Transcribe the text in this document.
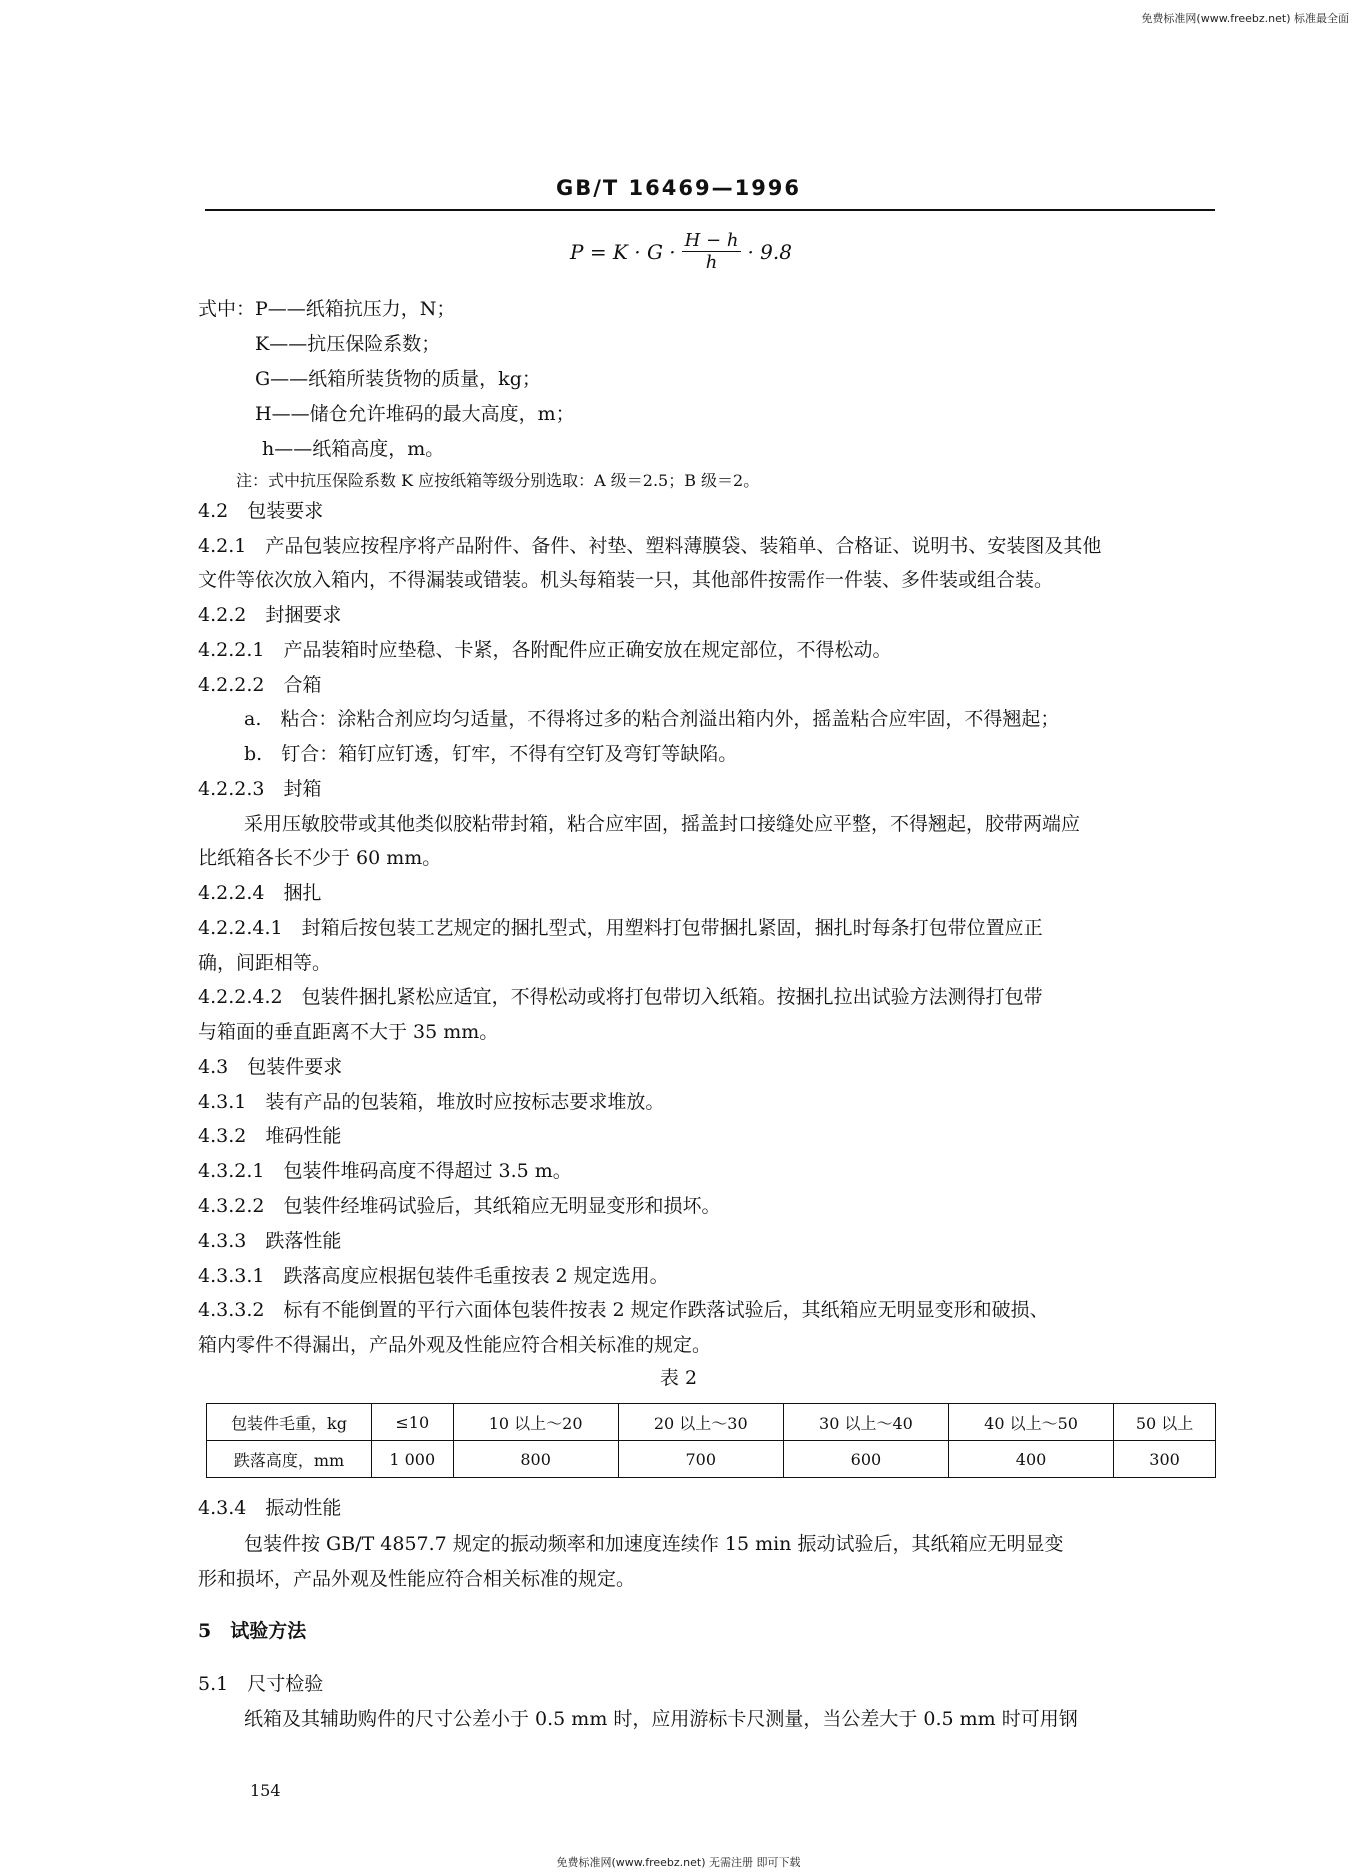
免费标准网(www.freebz.net) 标准最全面
GB/T 16469—1996
$P = K \cdot G \cdot \frac{H - h}{h} \cdot 9.8$
式中： P——纸箱抗压力，N；
K——抗压保险系数；
G——纸箱所装货物的质量，kg；
H——储仓允许堆码的最大高度，m；
h——纸箱高度，m。
注：式中抗压保险系数 K 应按纸箱等级分别选取：A 级＝2.5；B 级＝2。
4.2　包装要求
4.2.1　产品包装应按程序将产品附件、备件、衬垫、塑料薄膜袋、装箱单、合格证、说明书、安装图及其他
文件等依次放入箱内，不得漏装或错装。机头每箱装一只，其他部件按需作一件装、多件装或组合装。
4.2.2　封捆要求
4.2.2.1　产品装箱时应垫稳、卡紧，各附配件应正确安放在规定部位，不得松动。
4.2.2.2　合箱
a.　粘合：涂粘合剂应均匀适量，不得将过多的粘合剂溢出箱内外，摇盖粘合应牢固，不得翘起；
b.　钉合：箱钉应钉透，钉牢，不得有空钉及弯钉等缺陷。
4.2.2.3　封箱
采用压敏胶带或其他类似胶粘带封箱，粘合应牢固，摇盖封口接缝处应平整，不得翘起，胶带两端应
比纸箱各长不少于 60 mm。
4.2.2.4　捆扎
4.2.2.4.1　封箱后按包装工艺规定的捆扎型式，用塑料打包带捆扎紧固，捆扎时每条打包带位置应正
确，间距相等。
4.2.2.4.2　包装件捆扎紧松应适宜，不得松动或将打包带切入纸箱。按捆扎拉出试验方法测得打包带
与箱面的垂直距离不大于 35 mm。
4.3　包装件要求
4.3.1　装有产品的包装箱，堆放时应按标志要求堆放。
4.3.2　堆码性能
4.3.2.1　包装件堆码高度不得超过 3.5 m。
4.3.2.2　包装件经堆码试验后，其纸箱应无明显变形和损坏。
4.3.3　跌落性能
4.3.3.1　跌落高度应根据包装件毛重按表 2 规定选用。
4.3.3.2　标有不能倒置的平行六面体包装件按表 2 规定作跌落试验后，其纸箱应无明显变形和破损、
箱内零件不得漏出，产品外观及性能应符合相关标准的规定。
表 2
包装件毛重，kg	≤10	10 以上～20	20 以上～30	30 以上～40	40 以上～50	50 以上
跌落高度，mm	1 000	800	700	600	400	300
4.3.4　振动性能
包装件按 GB/T 4857.7 规定的振动频率和加速度连续作 15 min 振动试验后，其纸箱应无明显变
形和损坏，产品外观及性能应符合相关标准的规定。
5　试验方法
5.1　尺寸检验
纸箱及其辅助购件的尺寸公差小于 0.5 mm 时，应用游标卡尺测量，当公差大于 0.5 mm 时可用钢
154
免费标准网(www.freebz.net) 无需注册 即可下载
